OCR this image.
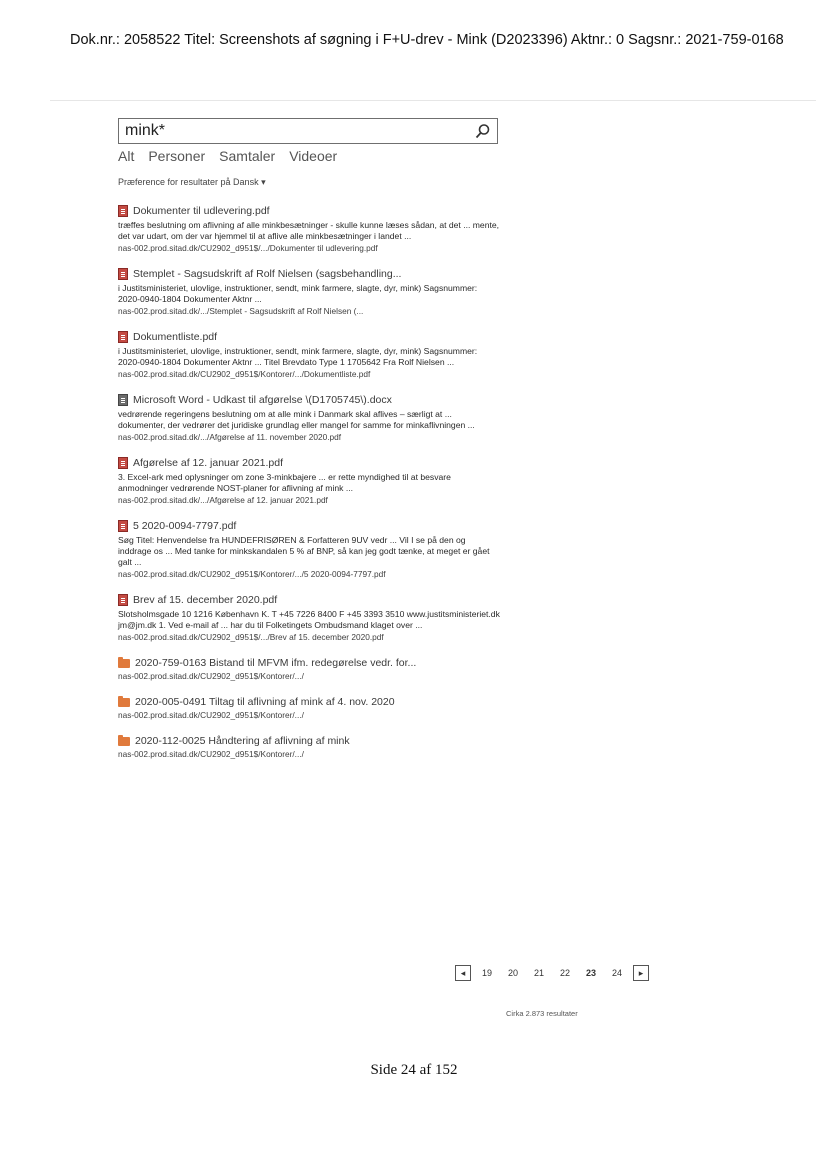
Dok.nr.: 2058522 Titel: Screenshots af søgning i F+U-drev - Mink (D2023396) Aktnr.: 0 Sagsnr.: 2021-759-0168
mink*
Alt Personer Samtaler Videoer
Præference for resultater på Dansk ▾
Dokumenter til udlevering.pdf
træffes beslutning om aflivning af alle minkbesætninger - skulle kunne læses sådan, at det ... mente, det var udart, om der var hjemmel til at aflive alle minkbesætninger i landet ...
nas-002.prod.sitad.dk/CU2902_d951$/.../Dokumenter til udlevering.pdf
Stemplet - Sagsudskrift af Rolf Nielsen (sagsbehandling...
i Justitsministeriet, ulovlige, instruktioner, sendt, mink farmere, slagte, dyr, mink) Sagsnummer: 2020-0940-1804 Dokumenter Aktnr ...
nas-002.prod.sitad.dk/.../Stemplet - Sagsudskrift af Rolf Nielsen (...
Dokumentliste.pdf
i Justitsministeriet, ulovlige, instruktioner, sendt, mink farmere, slagte, dyr, mink) Sagsnummer: 2020-0940-1804 Dokumenter Aktnr ... Titel Brevdato Type 1 1705642 Fra Rolf Nielsen ...
nas-002.prod.sitad.dk/CU2902_d951$/Kontorer/.../Dokumentliste.pdf
Microsoft Word - Udkast til afgørelse \(D1705745\).docx
vedrørende regeringens beslutning om at alle mink i Danmark skal aflives – særligt at ... dokumenter, der vedrører det juridiske grundlag eller mangel for samme for minkaflivningen ...
nas-002.prod.sitad.dk/.../Afgørelse af 11. november 2020.pdf
Afgørelse af 12. januar 2021.pdf
3. Excel-ark med oplysninger om zone 3-minkbajere ... er rette myndighed til at besvare anmodninger vedrørende NOST-planer for aflivning af mink ...
nas-002.prod.sitad.dk/.../Afgørelse af 12. januar 2021.pdf
5 2020-0094-7797.pdf
Søg Titel: Henvendelse fra HUNDEFRISØREN & Forfatteren 9UV vedr ... Vil I se på den og inddrage os ... Med tanke for minkskandalen 5 % af BNP, så kan jeg godt tænke, at meget er gået galt ...
nas-002.prod.sitad.dk/CU2902_d951$/Kontorer/.../5 2020-0094-7797.pdf
Brev af 15. december 2020.pdf
Slotsholmsgade 10 1216 København K. T +45 7226 8400 F +45 3393 3510 www.justitsministeriet.dk jm@jm.dk 1. Ved e-mail af ... har du til Folketingets Ombudsmand klaget over ...
nas-002.prod.sitad.dk/CU2902_d951$/.../Brev af 15. december 2020.pdf
2020-759-0163 Bistand til MFVM ifm. redegørelse vedr. for...
nas-002.prod.sitad.dk/CU2902_d951$/Kontorer/.../
2020-005-0491 Tiltag til aflivning af mink af 4. nov. 2020
nas-002.prod.sitad.dk/CU2902_d951$/Kontorer/.../
2020-112-0025 Håndtering af aflivning af mink
nas-002.prod.sitad.dk/CU2902_d951$/Kontorer/.../
◂	19	20	21	22	23	24	▸
Cirka 2.873 resultater
Side 24 af 152
